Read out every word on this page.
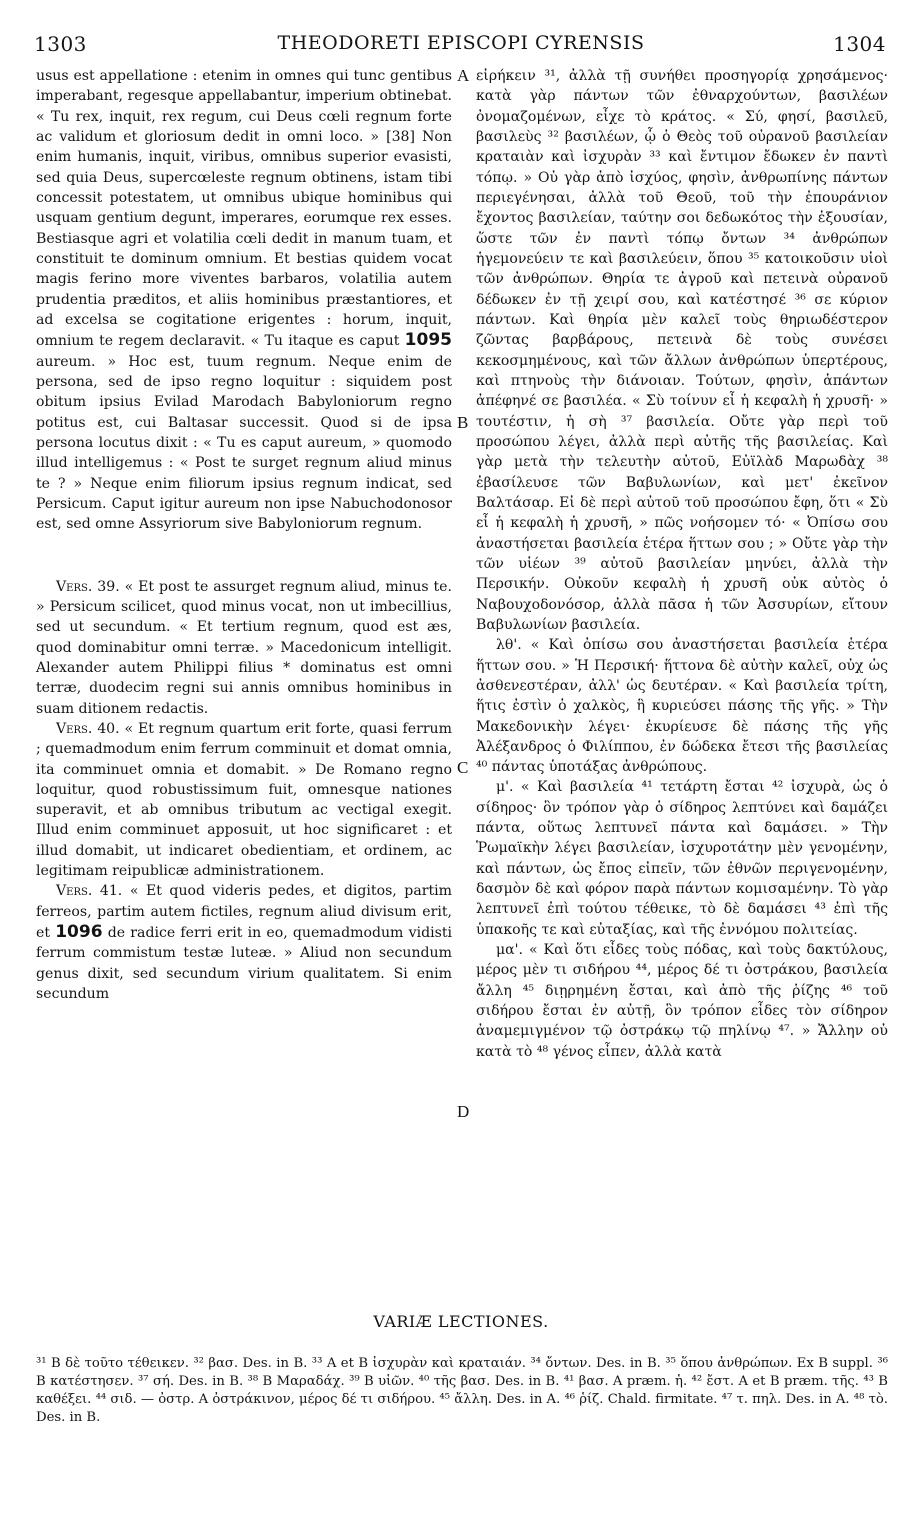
1303	THEODORETI EPISCOPI CYRENSIS	1304

usus est appellatione : etenim in omnes qui tunc gentibus imperabant, regesque appellabantur, imperium obtinebat. « Tu rex, inquit, rex regum, cui Deus cœli regnum forte ac validum et gloriosum dedit in omni loco. » [38] Non enim humanis, inquit, viribus, omnibus superior evasisti, sed quia Deus, supercœleste regnum obtinens, istam tibi concessit potestatem, ut omnibus ubique hominibus qui usquam gentium degunt, imperares, eorumque rex esses. Bestiasque agri et volatilia cœli dedit in manum tuam, et constituit te dominum omnium. Et bestias quidem vocat magis ferino more viventes barbaros, volatilia autem prudentia præditos, et aliis hominibus præstantiores, et ad excelsa se cogitatione erigentes : horum, inquit, omnium te regem declaravit. « Tu itaque es caput 1095 aureum. » Hoc est, tuum regnum. Neque enim de persona, sed de ipso regno loquitur : siquidem post obitum ipsius Evilad Marodach Babyloniorum regno potitus est, cui Baltasar successit. Quod si de ipsa persona locutus dixit : « Tu es caput aureum, » quomodo illud intelligemus : « Post te surget regnum aliud minus te ? » Neque enim filiorum ipsius regnum indicat, sed Persicum. Caput igitur aureum non ipse Nabuchodonosor est, sed omne Assyriorum sive Babyloniorum regnum.

Vers. 39. « Et post te assurget regnum aliud, minus te. » Persicum scilicet, quod minus vocat, non ut imbecillius, sed ut secundum. « Et tertium regnum, quod est æs, quod dominabitur omni terræ. » Macedonicum intelligit. Alexander autem Philippi filius * dominatus est omni terræ, duodecim regni sui annis omnibus hominibus in suam ditionem redactis.

Vers. 40. « Et regnum quartum erit forte, quasi ferrum ; quemadmodum enim ferrum comminuit et domat omnia, ita comminuet omnia et domabit. » De Romano regno loquitur, quod robustissimum fuit, omnesque nationes superavit, et ab omnibus tributum ac vectigal exegit. Illud enim comminuet apposuit, ut hoc significaret : et illud domabit, ut indicaret obedientiam, et ordinem, ac legitimam reipublicæ administrationem.

Vers. 41. « Et quod videris pedes, et digitos, partim ferreos, partim autem fictiles, regnum aliud divisum erit, et 1096 de radice ferri erit in eo, quemadmodum vidisti ferrum commistum testæ luteæ. » Aliud non secundum genus dixit, sed secundum virium qualitatem. Si enim secundum

A
B
C
D

εἰρήκειν ³¹, ἀλλὰ τῇ συνήθει προσηγορίᾳ χρησάμενος· κατὰ γὰρ πάντων τῶν ἐθναρχούντων, βασιλέων ὀνομαζομένων, εἶχε τὸ κράτος. « Σύ, φησί, βασιλεῦ, βασιλεὺς ³² βασιλέων, ᾧ ὁ Θεὸς τοῦ οὐρανοῦ βασιλείαν κραταιὰν καὶ ἰσχυρὰν ³³ καὶ ἔντιμον ἔδωκεν ἐν παντὶ τόπῳ. » Οὐ γὰρ ἀπὸ ἰσχύος, φησὶν, ἀνθρωπίνης πάντων περιεγένησαι, ἀλλὰ τοῦ Θεοῦ, τοῦ τὴν ἐπουράνιον ἔχοντος βασιλείαν, ταύτην σοι δεδωκότος τὴν ἐξουσίαν, ὥστε τῶν ἐν παντὶ τόπῳ ὄντων ³⁴ ἀνθρώπων ἡγεμονεύειν τε καὶ βασιλεύειν, ὅπου ³⁵ κατοικοῦσιν υἱοὶ τῶν ἀνθρώπων. Θηρία τε ἀγροῦ καὶ πετεινὰ οὐρανοῦ δέδωκεν ἐν τῇ χειρί σου, καὶ κατέστησέ ³⁶ σε κύριον πάντων. Καὶ θηρία μὲν καλεῖ τοὺς θηριωδέστερον ζῶντας βαρβάρους, πετεινὰ δὲ τοὺς συνέσει κεκοσμημένους, καὶ τῶν ἄλλων ἀνθρώπων ὑπερτέρους, καὶ πτηνοὺς τὴν διάνοιαν. Τούτων, φησὶν, ἁπάντων ἀπέφηνέ σε βασιλέα. « Σὺ τοίνυν εἶ ἡ κεφαλὴ ἡ χρυσῆ· » τουτέστιν, ἡ σὴ ³⁷ βασιλεία. Οὔτε γὰρ περὶ τοῦ προσώπου λέγει, ἀλλὰ περὶ αὐτῆς τῆς βασιλείας. Καὶ γὰρ μετὰ τὴν τελευτὴν αὐτοῦ, Εὐϊλὰδ Μαρωδὰχ ³⁸ ἐβασίλευσε τῶν Βαβυλωνίων, καὶ μετ' ἐκεῖνον Βαλτάσαρ. Εἰ δὲ περὶ αὐτοῦ τοῦ προσώπου ἔφη, ὅτι « Σὺ εἶ ἡ κεφαλὴ ἡ χρυσῆ, » πῶς νοήσομεν τό· « Ὀπίσω σου ἀναστήσεται βασιλεία ἑτέρα ἥττων σου ; » Οὔτε γὰρ τὴν τῶν υἱέων ³⁹ αὐτοῦ βασιλείαν μηνύει, ἀλλὰ τὴν Περσικήν. Οὐκοῦν κεφαλὴ ἡ χρυσῆ οὐκ αὐτὸς ὁ Ναβουχοδονόσορ, ἀλλὰ πᾶσα ἡ τῶν Ἀσσυρίων, εἴτουν Βαβυλωνίων βασιλεία.

λθ'. « Καὶ ὀπίσω σου ἀναστήσεται βασιλεία ἑτέρα ἥττων σου. » Ἡ Περσική· ἥττονα δὲ αὐτὴν καλεῖ, οὐχ ὡς ἀσθενεστέραν, ἀλλ' ὡς δευτέραν. « Καὶ βασιλεία τρίτη, ἥτις ἐστὶν ὁ χαλκὸς, ἣ κυριεύσει πάσης τῆς γῆς. » Τὴν Μακεδονικὴν λέγει· ἐκυρίευσε δὲ πάσης τῆς γῆς Ἀλέξανδρος ὁ Φιλίππου, ἐν δώδεκα ἔτεσι τῆς βασιλείας ⁴⁰ πάντας ὑποτάξας ἀνθρώπους.

μ'. « Καὶ βασιλεία ⁴¹ τετάρτη ἔσται ⁴² ἰσχυρὰ, ὡς ὁ σίδηρος· ὃν τρόπον γὰρ ὁ σίδηρος λεπτύνει καὶ δαμάζει πάντα, οὕτως λεπτυνεῖ πάντα καὶ δαμάσει. » Τὴν Ῥωμαϊκὴν λέγει βασιλείαν, ἰσχυροτάτην μὲν γενομένην, καὶ πάντων, ὡς ἔπος εἰπεῖν, τῶν ἐθνῶν περιγενομένην, δασμὸν δὲ καὶ φόρον παρὰ πάντων κομισαμένην. Τὸ γὰρ λεπτυνεῖ ἐπὶ τούτου τέθεικε, τὸ δὲ δαμάσει ⁴³ ἐπὶ τῆς ὑπακοῆς τε καὶ εὐταξίας, καὶ τῆς ἐννόμου πολιτείας.

μα'. « Καὶ ὅτι εἶδες τοὺς πόδας, καὶ τοὺς δακτύλους, μέρος μὲν τι σιδήρου ⁴⁴, μέρος δέ τι ὀστράκου, βασιλεία ἄλλη ⁴⁵ διῃρημένη ἔσται, καὶ ἀπὸ τῆς ῥίζης ⁴⁶ τοῦ σιδήρου ἔσται ἐν αὐτῇ, ὃν τρόπον εἶδες τὸν σίδηρον ἀναμεμιγμένον τῷ ὀστράκῳ τῷ πηλίνῳ ⁴⁷. » Ἄλλην οὐ κατὰ τὸ ⁴⁸ γένος εἶπεν, ἀλλὰ κατὰ

VARIÆ LECTIONES.
³¹ B δὲ τοῦτο τέθεικεν. ³² βασ. Des. in B. ³³ A et B ἰσχυρὰν καὶ κραταιάν. ³⁴ ὄντων. Des. in B. ³⁵ ὅπου ἀνθρώπων. Ex B suppl. ³⁶ B κατέστησεν. ³⁷ σή. Des. in B. ³⁸ B Μαραδάχ. ³⁹ B υἱῶν. ⁴⁰ τῆς βασ. Des. in B. ⁴¹ βασ. A præm. ἡ. ⁴² ἔστ. A et B præm. τῆς. ⁴³ B καθέξει. ⁴⁴ σιδ. — ὀστρ. A ὀστράκινον, μέρος δέ τι σιδήρου. ⁴⁵ ἄλλη. Des. in A. ⁴⁶ ῥίζ. Chald. firmitate. ⁴⁷ τ. πηλ. Des. in A. ⁴⁸ τὸ. Des. in B.
